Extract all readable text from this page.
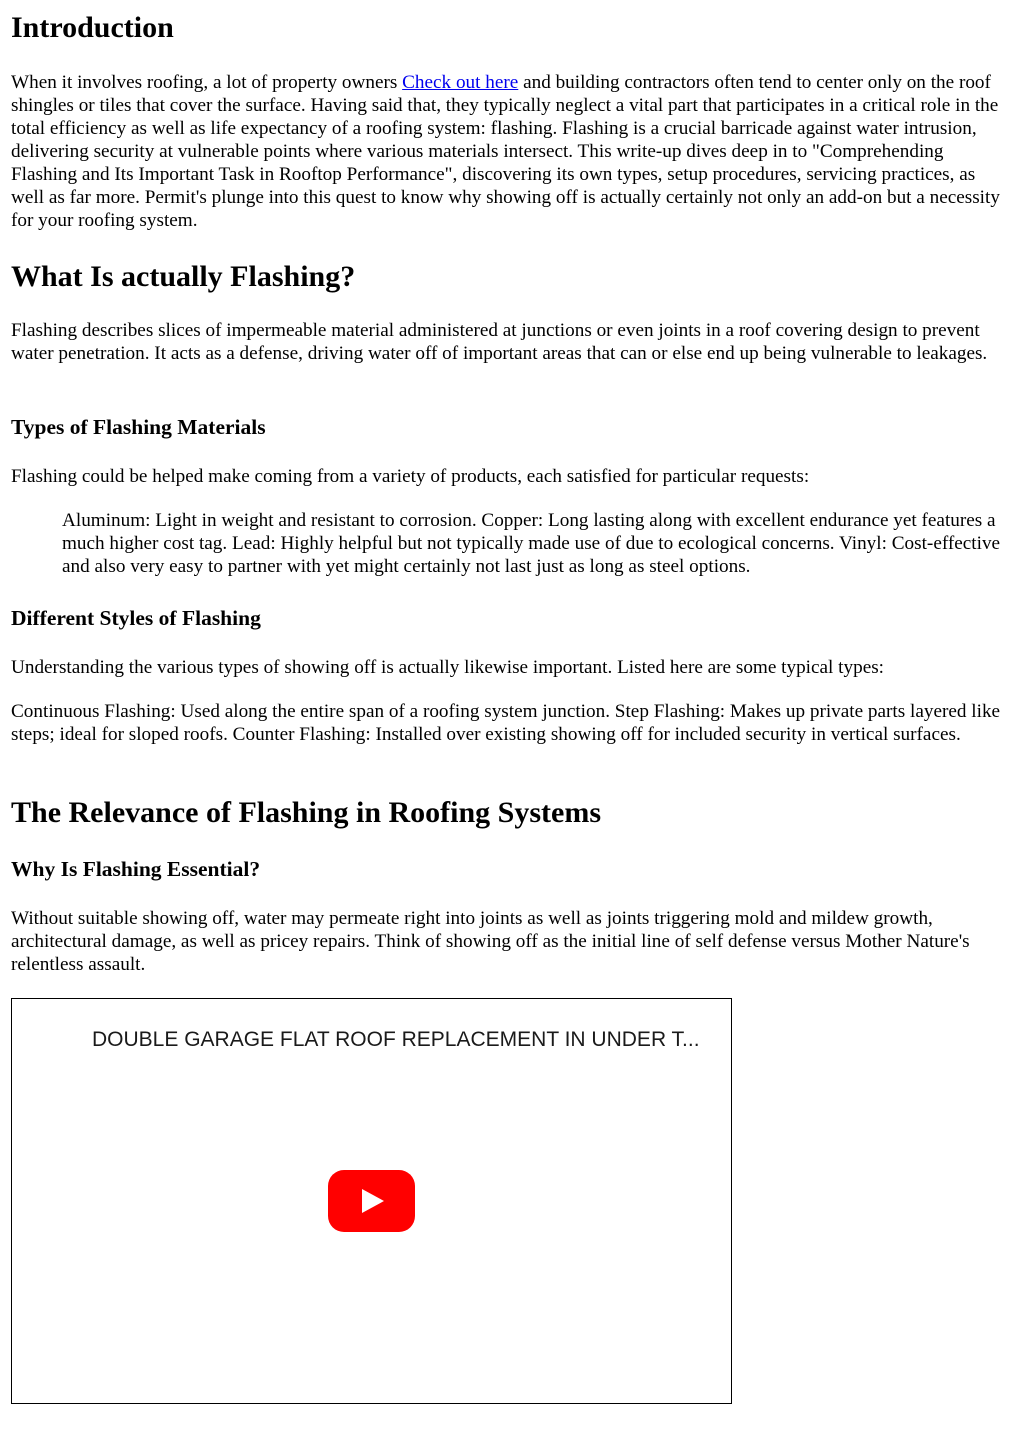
Introduction

When it involves roofing, a lot of property owners Check out here and building contractors often tend to center only on the roof shingles or tiles that cover the surface. Having said that, they typically neglect a vital part that participates in a critical role in the total efficiency as well as life expectancy of a roofing system: flashing. Flashing is a crucial barricade against water intrusion, delivering security at vulnerable points where various materials intersect. This write-up dives deep in to "Comprehending Flashing and Its Important Task in Rooftop Performance", discovering its own types, setup procedures, servicing practices, as well as far more. Permit's plunge into this quest to know why showing off is actually certainly not only an add-on but a necessity for your roofing system.

What Is actually Flashing?

Flashing describes slices of impermeable material administered at junctions or even joints in a roof covering design to prevent water penetration. It acts as a defense, driving water off of important areas that can or else end up being vulnerable to leakages.

Types of Flashing Materials

Flashing could be helped make coming from a variety of products, each satisfied for particular requests:

Aluminum: Light in weight and resistant to corrosion. Copper: Long lasting along with excellent endurance yet features a much higher cost tag. Lead: Highly helpful but not typically made use of due to ecological concerns. Vinyl: Cost-effective and also very easy to partner with yet might certainly not last just as long as steel options.

Different Styles of Flashing

Understanding the various types of showing off is actually likewise important. Listed here are some typical types:

Continuous Flashing: Used along the entire span of a roofing system junction. Step Flashing: Makes up private parts layered like steps; ideal for sloped roofs. Counter Flashing: Installed over existing showing off for included security in vertical surfaces.

The Relevance of Flashing in Roofing Systems
Why Is Flashing Essential?

Without suitable showing off, water may permeate right into joints as well as joints triggering mold and mildew growth, architectural damage, as well as pricey repairs. Think of showing off as the initial line of self defense versus Mother Nature's relentless assault.

DOUBLE GARAGE FLAT ROOF REPLACEMENT IN UNDER T...
